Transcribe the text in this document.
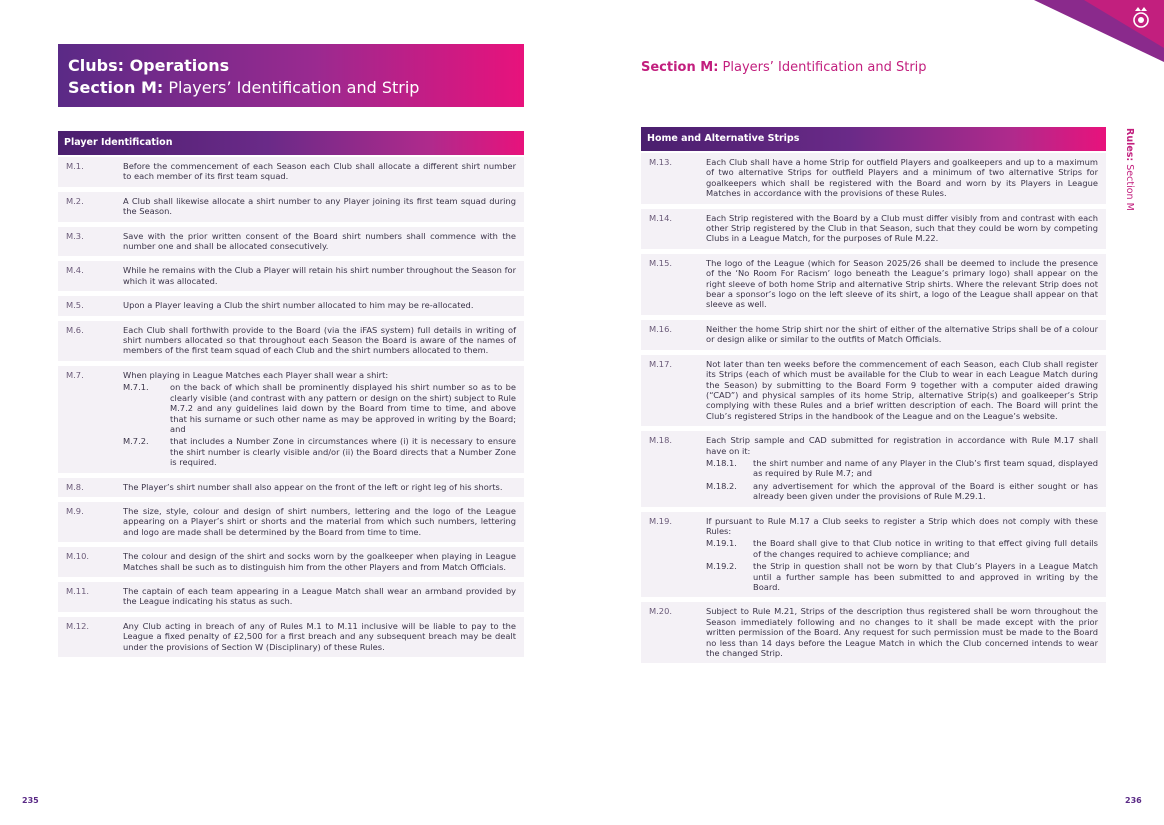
Clubs: Operations
Section M: Players’ Identification and Strip
Section M: Players’ Identification and Strip
Player Identification
M.1.	Before the commencement of each Season each Club shall allocate a different shirt number to each member of its first team squad.
M.2.	A Club shall likewise allocate a shirt number to any Player joining its first team squad during the Season.
M.3.	Save with the prior written consent of the Board shirt numbers shall commence with the number one and shall be allocated consecutively.
M.4.	While he remains with the Club a Player will retain his shirt number throughout the Season for which it was allocated.
M.5.	Upon a Player leaving a Club the shirt number allocated to him may be re-allocated.
M.6.	Each Club shall forthwith provide to the Board (via the iFAS system) full details in writing of shirt numbers allocated so that throughout each Season the Board is aware of the names of members of the first team squad of each Club and the shirt numbers allocated to them.
M.7.	When playing in League Matches each Player shall wear a shirt:
M.7.1.	on the back of which shall be prominently displayed his shirt number so as to be clearly visible (and contrast with any pattern or design on the shirt) subject to Rule M.7.2 and any guidelines laid down by the Board from time to time, and above that his surname or such other name as may be approved in writing by the Board; and
M.7.2.	that includes a Number Zone in circumstances where (i) it is necessary to ensure the shirt number is clearly visible and/or (ii) the Board directs that a Number Zone is required.
M.8.	The Player’s shirt number shall also appear on the front of the left or right leg of his shorts.
M.9.	The size, style, colour and design of shirt numbers, lettering and the logo of the League appearing on a Player’s shirt or shorts and the material from which such numbers, lettering and logo are made shall be determined by the Board from time to time.
M.10.	The colour and design of the shirt and socks worn by the goalkeeper when playing in League Matches shall be such as to distinguish him from the other Players and from Match Officials.
M.11.	The captain of each team appearing in a League Match shall wear an armband provided by the League indicating his status as such.
M.12.	Any Club acting in breach of any of Rules M.1 to M.11 inclusive will be liable to pay to the League a fixed penalty of £2,500 for a first breach and any subsequent breach may be dealt under the provisions of Section W (Disciplinary) of these Rules.
Home and Alternative Strips
M.13.	Each Club shall have a home Strip for outfield Players and goalkeepers and up to a maximum of two alternative Strips for outfield Players and a minimum of two alternative Strips for goalkeepers which shall be registered with the Board and worn by its Players in League Matches in accordance with the provisions of these Rules.
M.14.	Each Strip registered with the Board by a Club must differ visibly from and contrast with each other Strip registered by the Club in that Season, such that they could be worn by competing Clubs in a League Match, for the purposes of Rule M.22.
M.15.	The logo of the League (which for Season 2025/26 shall be deemed to include the presence of the ‘No Room For Racism’ logo beneath the League’s primary logo) shall appear on the right sleeve of both home Strip and alternative Strip shirts. Where the relevant Strip does not bear a sponsor’s logo on the left sleeve of its shirt, a logo of the League shall appear on that sleeve as well.
M.16.	Neither the home Strip shirt nor the shirt of either of the alternative Strips shall be of a colour or design alike or similar to the outfits of Match Officials.
M.17.	Not later than ten weeks before the commencement of each Season, each Club shall register its Strips (each of which must be available for the Club to wear in each League Match during the Season) by submitting to the Board Form 9 together with a computer aided drawing (“CAD”) and physical samples of its home Strip, alternative Strip(s) and goalkeeper’s Strip complying with these Rules and a brief written description of each. The Board will print the Club’s registered Strips in the handbook of the League and on the League’s website.
M.18.	Each Strip sample and CAD submitted for registration in accordance with Rule M.17 shall have on it:
M.18.1. the shirt number and name of any Player in the Club’s first team squad, displayed as required by Rule M.7; and
M.18.2. any advertisement for which the approval of the Board is either sought or has already been given under the provisions of Rule M.29.1.
M.19.	If pursuant to Rule M.17 a Club seeks to register a Strip which does not comply with these Rules:
M.19.1. the Board shall give to that Club notice in writing to that effect giving full details of the changes required to achieve compliance; and
M.19.2. the Strip in question shall not be worn by that Club’s Players in a League Match until a further sample has been submitted to and approved in writing by the Board.
M.20.	Subject to Rule M.21, Strips of the description thus registered shall be worn throughout the Season immediately following and no changes to it shall be made except with the prior written permission of the Board. Any request for such permission must be made to the Board no less than 14 days before the League Match in which the Club concerned intends to wear the changed Strip.
Rules: Section M
235	236
